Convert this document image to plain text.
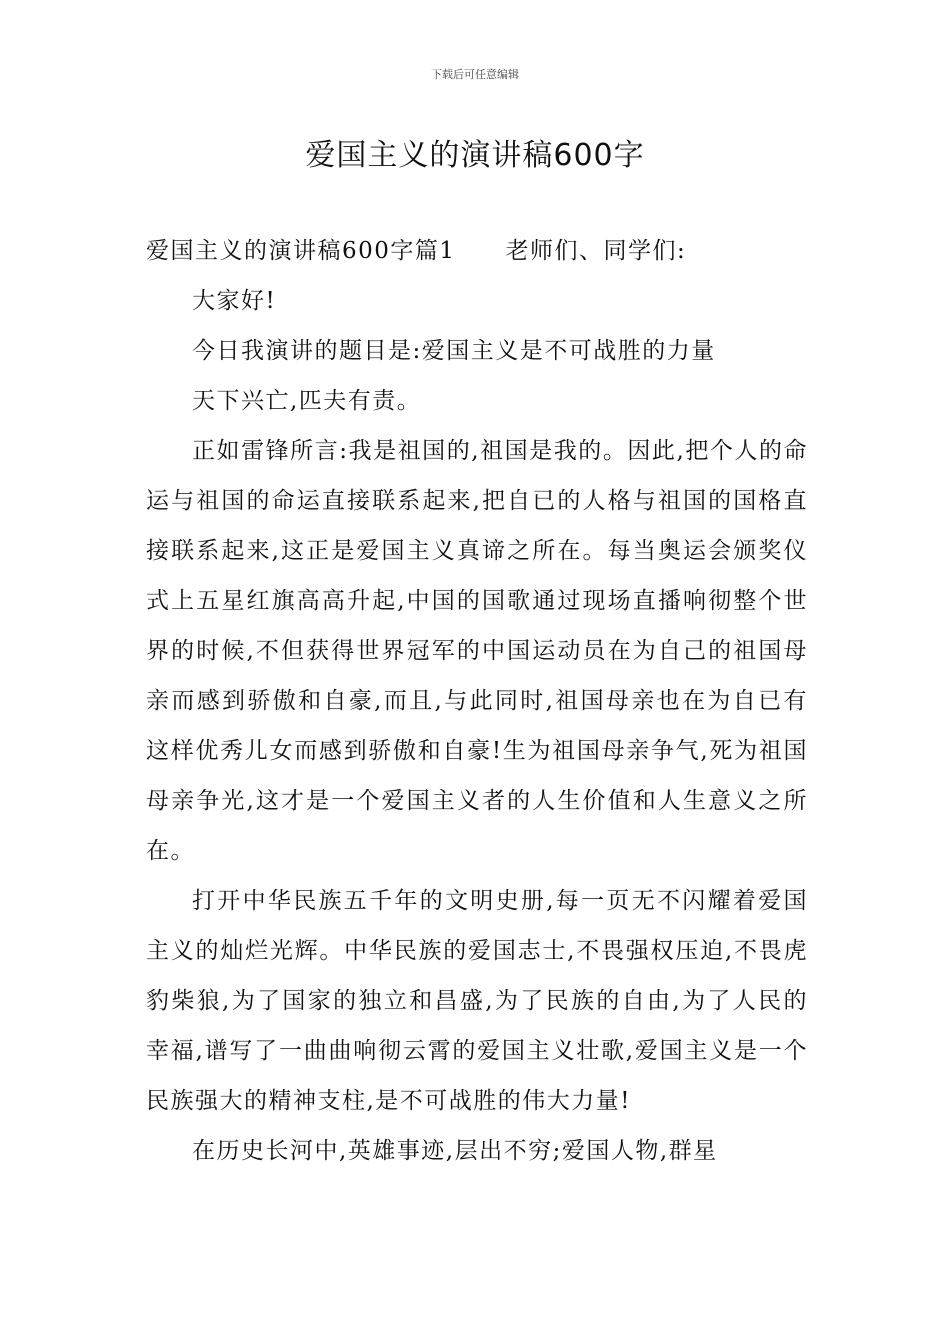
下载后可任意编辑
爱国主义的演讲稿600字
爱国主义的演讲稿600字篇1 老师们、同学们:

大家好!

今日我演讲的题目是:爱国主义是不可战胜的力量

天下兴亡,匹夫有责。

正如雷锋所言:我是祖国的,祖国是我的。因此,把个人的命运与祖国的命运直接联系起来,把自已的人格与祖国的国格直接联系起来,这正是爱国主义真谛之所在。每当奥运会颁奖仪式上五星红旗高高升起,中国的国歌通过现场直播响彻整个世界的时候,不但获得世界冠军的中国运动员在为自己的祖国母亲而感到骄傲和自豪,而且,与此同时,祖国母亲也在为自已有这样优秀儿女而感到骄傲和自豪!生为祖国母亲争气,死为祖国母亲争光,这才是一个爱国主义者的人生价值和人生意义之所在。

打开中华民族五千年的文明史册,每一页无不闪耀着爱国主义的灿烂光辉。中华民族的爱国志士,不畏强权压迫,不畏虎豹柴狼,为了国家的独立和昌盛,为了民族的自由,为了人民的幸福,谱写了一曲曲响彻云霄的爱国主义壮歌,爱国主义是一个民族强大的精神支柱,是不可战胜的伟大力量!

在历史长河中,英雄事迹,层出不穷;爱国人物,群星
